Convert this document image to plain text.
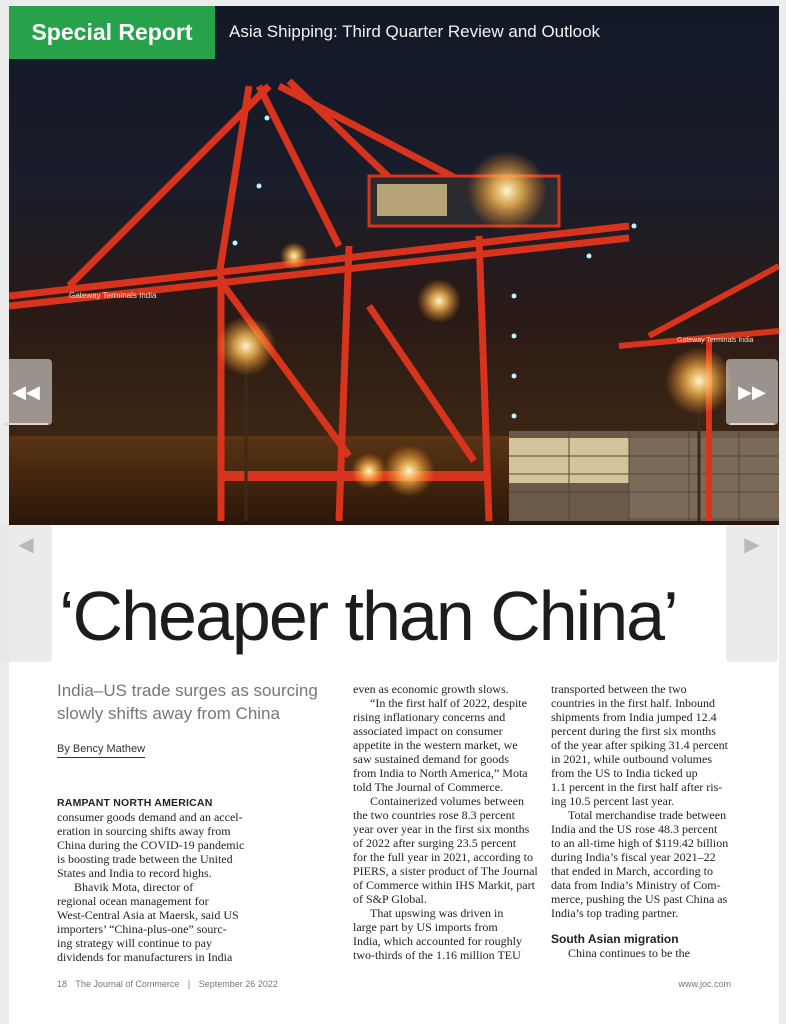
Gateway Terminals India
Gateway Terminals India
Special Report	Asia Shipping: Third Quarter Review and Outlook
‘Cheaper than China’
India–US trade surges as sourcing slowly shifts away from China
By Bency Mathew

RAMPANT NORTH AMERICAN
consumer goods demand and an accel-
eration in sourcing shifts away from
China during the COVID-19 pandemic
is boosting trade between the United
States and India to record highs.

Bhavik Mota, director of
regional ocean management for
West-Central Asia at Maersk, said US
importers’ “China-plus-one” sourc-
ing strategy will continue to pay
dividends for manufacturers in India

even as economic growth slows.

“In the first half of 2022, despite
rising inflationary concerns and
associated impact on consumer
appetite in the western market, we
saw sustained demand for goods
from India to North America,” Mota
told The Journal of Commerce.

Containerized volumes between
the two countries rose 8.3 percent
year over year in the first six months
of 2022 after surging 23.5 percent
for the full year in 2021, according to
PIERS, a sister product of The Journal
of Commerce within IHS Markit, part
of S&P Global.

That upswing was driven in
large part by US imports from
India, which accounted for roughly
two-thirds of the 1.16 million TEU

transported between the two
countries in the first half. Inbound
shipments from India jumped 12.4
percent during the first six months
of the year after spiking 31.4 percent
in 2021, while outbound volumes
from the US to India ticked up
1.1 percent in the first half after ris-
ing 10.5 percent last year.

Total merchandise trade between
India and the US rose 48.3 percent
to an all-time high of $119.42 billion
during India’s fiscal year 2021–22
that ended in March, according to
data from India’s Ministry of Com-
merce, pushing the US past China as
India’s top trading partner.

South Asian migration

China continues to be the

18 The Journal of Commerce | September 26 2022	www.joc.com
◀◀	▶▶
◀	▶
